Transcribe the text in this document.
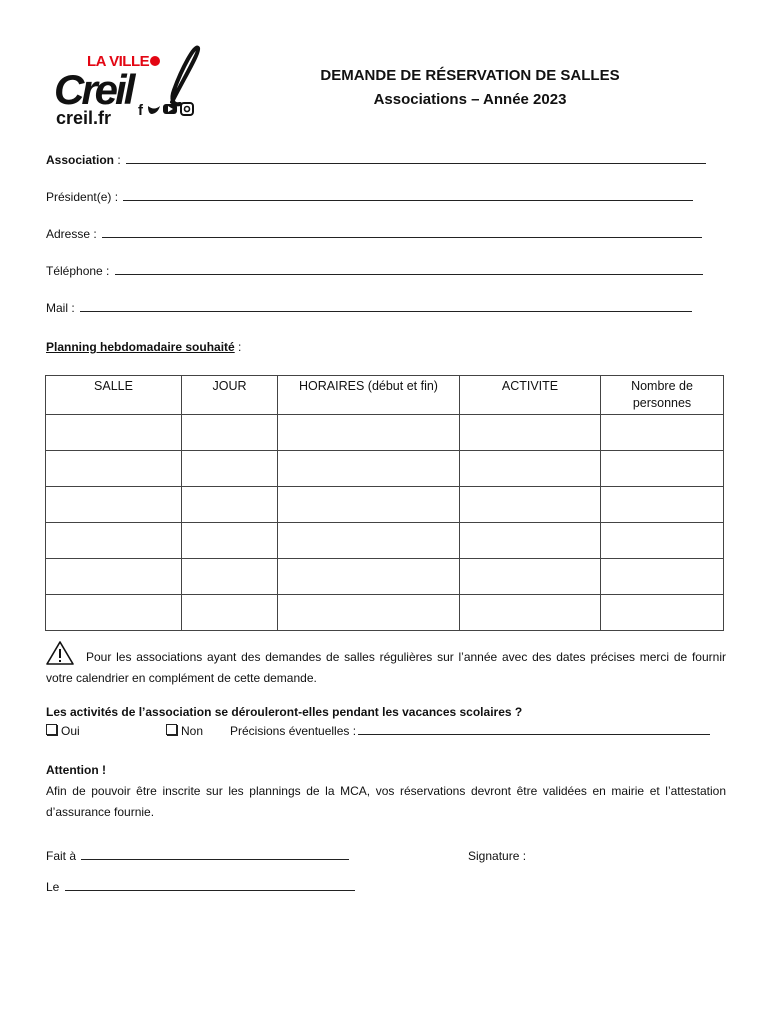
LA VILLE
Creil
creil.fr f
DEMANDE DE RÉSERVATION DE SALLES
Associations – Année 2023
Association :
Président(e) :
Adresse :
Téléphone :
Mail :
Planning hebdomadaire souhaité :
SALLE	JOUR	HORAIRES (début et fin)	ACTIVITE	Nombre de personnes

Pour les associations ayant des demandes de salles régulières sur l’année avec des dates précises merci de fournir votre calendrier en complément de cette demande.
Les activités de l’association se dérouleront-elles pendant les vacances scolaires ?
Oui	Non Précisions éventuelles :
Attention !
Afin de pouvoir être inscrite sur les plannings de la MCA, vos réservations devront être validées en mairie et l’attestation d’assurance fournie.
Fait à	Signature :
Le
